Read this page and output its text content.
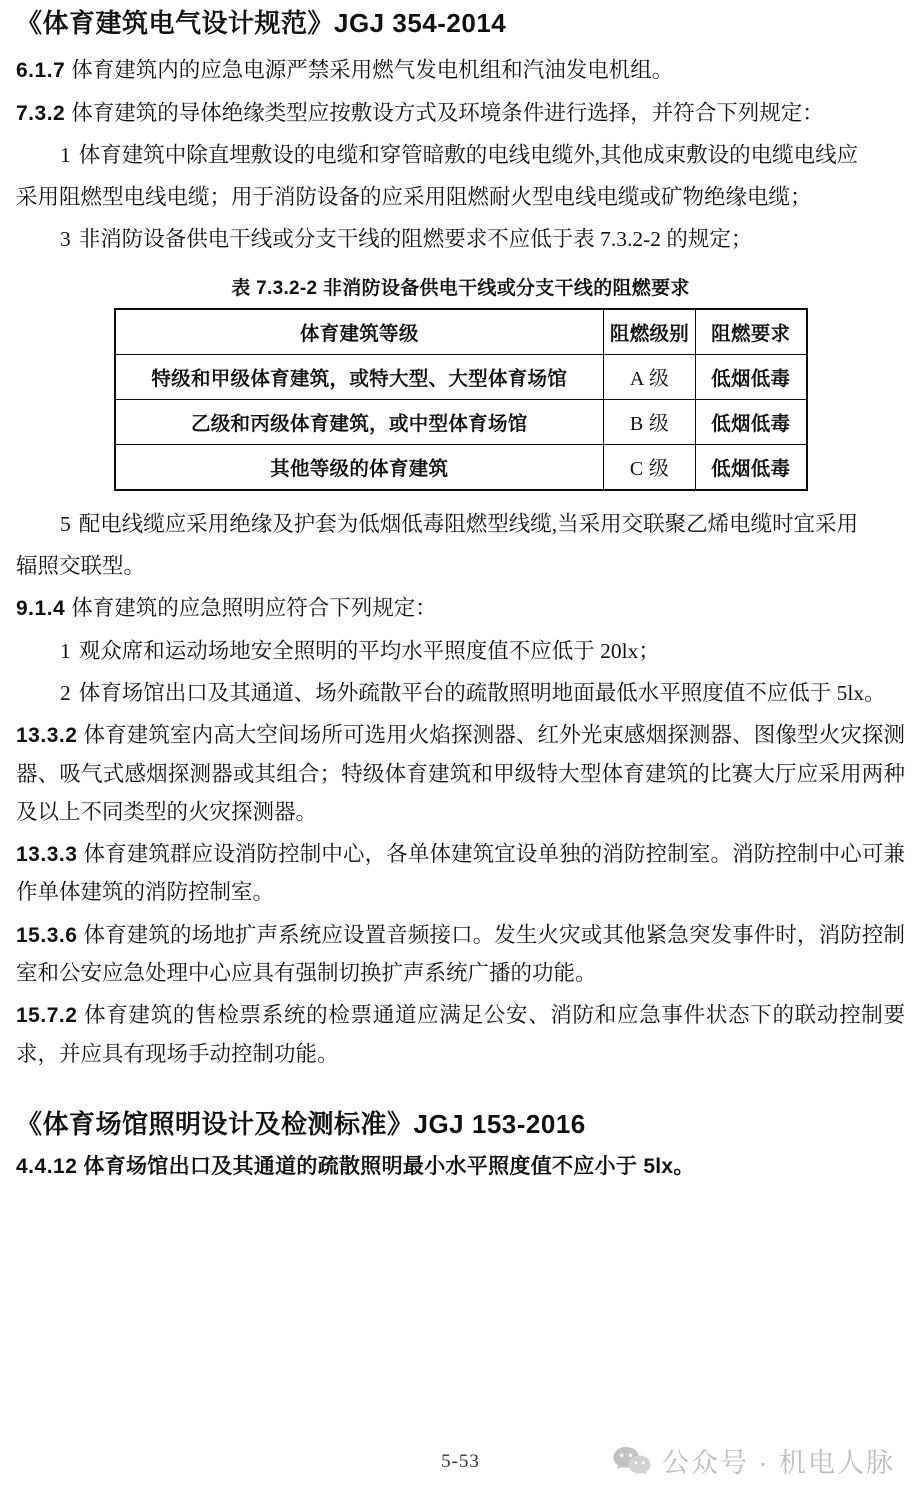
《体育建筑电气设计规范》JGJ 354-2014

6.1.7 体育建筑内的应急电源严禁采用燃气发电机组和汽油发电机组。

7.3.2 体育建筑的导体绝缘类型应按敷设方式及环境条件进行选择，并符合下列规定：

1 体育建筑中除直埋敷设的电缆和穿管暗敷的电线电缆外,其他成束敷设的电缆电线应

采用阻燃型电线电缆；用于消防设备的应采用阻燃耐火型电线电缆或矿物绝缘电缆；

3 非消防设备供电干线或分支干线的阻燃要求不应低于表 7.3.2-2 的规定；

表 7.3.2-2 非消防设备供电干线或分支干线的阻燃要求
体育建筑等级	阻燃级别	阻燃要求
特级和甲级体育建筑，或特大型、大型体育场馆	A 级	低烟低毒
乙级和丙级体育建筑，或中型体育场馆	B 级	低烟低毒
其他等级的体育建筑	C 级	低烟低毒

5 配电线缆应采用绝缘及护套为低烟低毒阻燃型线缆,当采用交联聚乙烯电缆时宜采用

辐照交联型。

9.1.4 体育建筑的应急照明应符合下列规定：

1 观众席和运动场地安全照明的平均水平照度值不应低于 20lx；

2 体育场馆出口及其通道、场外疏散平台的疏散照明地面最低水平照度值不应低于 5lx。

13.3.2 体育建筑室内高大空间场所可选用火焰探测器、红外光束感烟探测器、图像型火灾探测器、吸气式感烟探测器或其组合；特级体育建筑和甲级特大型体育建筑的比赛大厅应采用两种及以上不同类型的火灾探测器。

13.3.3 体育建筑群应设消防控制中心，各单体建筑宜设单独的消防控制室。消防控制中心可兼作单体建筑的消防控制室。

15.3.6 体育建筑的场地扩声系统应设置音频接口。发生火灾或其他紧急突发事件时，消防控制室和公安应急处理中心应具有强制切换扩声系统广播的功能。

15.7.2 体育建筑的售检票系统的检票通道应满足公安、消防和应急事件状态下的联动控制要求，并应具有现场手动控制功能。

《体育场馆照明设计及检测标准》JGJ 153-2016

4.4.12 体育场馆出口及其通道的疏散照明最小水平照度值不应小于 5lx。

5-53	公众号 · 机电人脉
